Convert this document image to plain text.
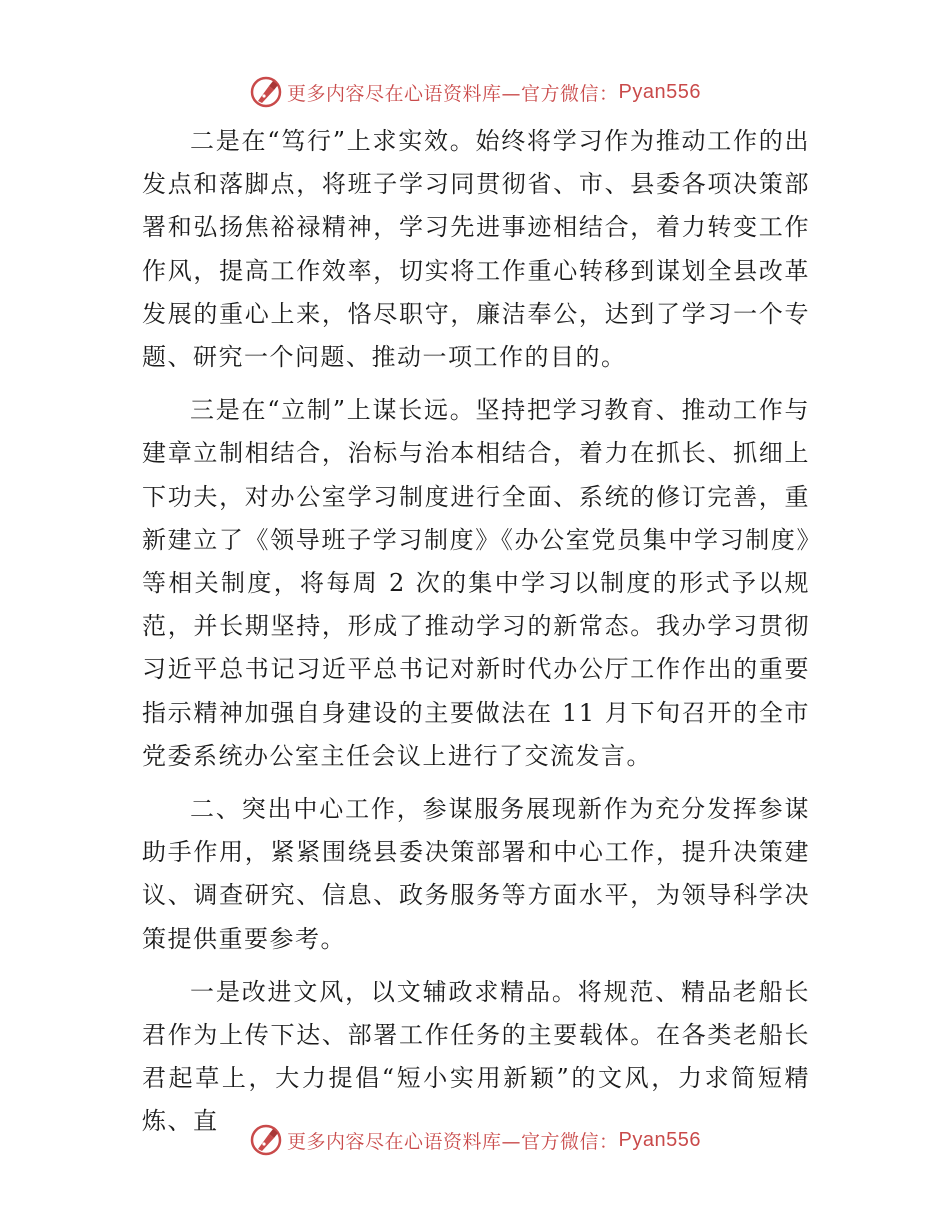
更多内容尽在心语资料库—官方微信： Pyan556

二是在“笃行”上求实效。始终将学习作为推动工作的出发点和落脚点，将班子学习同贯彻省、市、县委各项决策部署和弘扬焦裕禄精神，学习先进事迹相结合，着力转变工作作风，提高工作效率，切实将工作重心转移到谋划全县改革发展的重心上来，恪尽职守，廉洁奉公，达到了学习一个专题、研究一个问题、推动一项工作的目的。

三是在“立制”上谋长远。坚持把学习教育、推动工作与建章立制相结合，治标与治本相结合，着力在抓长、抓细上下功夫，对办公室学习制度进行全面、系统的修订完善，重新建立了《领导班子学习制度》《办公室党员集中学习制度》等相关制度，将每周 2 次的集中学习以制度的形式予以规范，并长期坚持，形成了推动学习的新常态。我办学习贯彻习近平总书记习近平总书记对新时代办公厅工作作出的重要指示精神加强自身建设的主要做法在 11 月下旬召开的全市党委系统办公室主任会议上进行了交流发言。

二、突出中心工作，参谋服务展现新作为充分发挥参谋助手作用，紧紧围绕县委决策部署和中心工作，提升决策建议、调查研究、信息、政务服务等方面水平，为领导科学决策提供重要参考。

一是改进文风，以文辅政求精品。将规范、精品老船长君作为上传下达、部署工作任务的主要载体。在各类老船长君起草上，大力提倡“短小实用新颖”的文风，力求简短精炼、直

更多内容尽在心语资料库—官方微信： Pyan556
